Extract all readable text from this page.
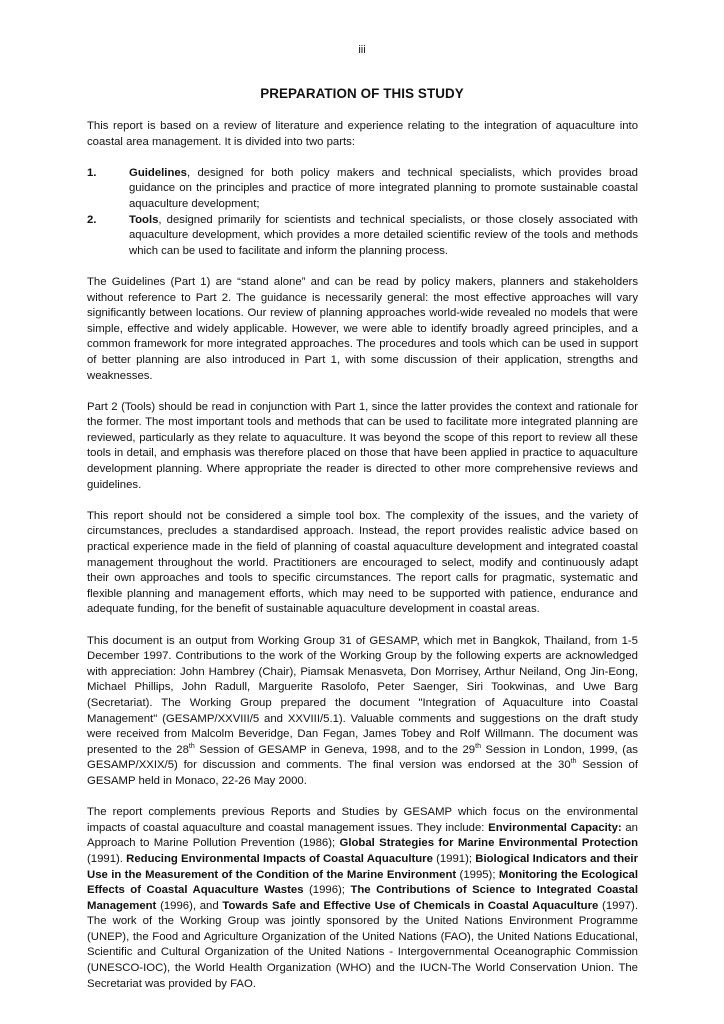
iii
PREPARATION OF THIS STUDY

This report is based on a review of literature and experience relating to the integration of aquaculture into coastal area management. It is divided into two parts:

1.	Guidelines, designed for both policy makers and technical specialists, which provides broad guidance on the principles and practice of more integrated planning to promote sustainable coastal aquaculture development;
2.	Tools, designed primarily for scientists and technical specialists, or those closely associated with aquaculture development, which provides a more detailed scientific review of the tools and methods which can be used to facilitate and inform the planning process.

The Guidelines (Part 1) are “stand alone” and can be read by policy makers, planners and stakeholders without reference to Part 2. The guidance is necessarily general: the most effective approaches will vary significantly between locations. Our review of planning approaches world-wide revealed no models that were simple, effective and widely applicable. However, we were able to identify broadly agreed principles, and a common framework for more integrated approaches. The procedures and tools which can be used in support of better planning are also introduced in Part 1, with some discussion of their application, strengths and weaknesses.

Part 2 (Tools) should be read in conjunction with Part 1, since the latter provides the context and rationale for the former. The most important tools and methods that can be used to facilitate more integrated planning are reviewed, particularly as they relate to aquaculture. It was beyond the scope of this report to review all these tools in detail, and emphasis was therefore placed on those that have been applied in practice to aquaculture development planning. Where appropriate the reader is directed to other more comprehensive reviews and guidelines.

This report should not be considered a simple tool box. The complexity of the issues, and the variety of circumstances, precludes a standardised approach. Instead, the report provides realistic advice based on practical experience made in the field of planning of coastal aquaculture development and integrated coastal management throughout the world. Practitioners are encouraged to select, modify and continuously adapt their own approaches and tools to specific circumstances. The report calls for pragmatic, systematic and flexible planning and management efforts, which may need to be supported with patience, endurance and adequate funding, for the benefit of sustainable aquaculture development in coastal areas.

This document is an output from Working Group 31 of GESAMP, which met in Bangkok, Thailand, from 1-5 December 1997. Contributions to the work of the Working Group by the following experts are acknowledged with appreciation: John Hambrey (Chair), Piamsak Menasveta, Don Morrisey, Arthur Neiland, Ong Jin-Eong, Michael Phillips, John Radull, Marguerite Rasolofo, Peter Saenger, Siri Tookwinas, and Uwe Barg (Secretariat). The Working Group prepared the document "Integration of Aquaculture into Coastal Management" (GESAMP/XXVIII/5 and XXVIII/5.1). Valuable comments and suggestions on the draft study were received from Malcolm Beveridge, Dan Fegan, James Tobey and Rolf Willmann. The document was presented to the 28th Session of GESAMP in Geneva, 1998, and to the 29th Session in London, 1999, (as GESAMP/XXIX/5) for discussion and comments. The final version was endorsed at the 30th Session of GESAMP held in Monaco, 22-26 May 2000.

The report complements previous Reports and Studies by GESAMP which focus on the environmental impacts of coastal aquaculture and coastal management issues. They include: Environmental Capacity: an Approach to Marine Pollution Prevention (1986); Global Strategies for Marine Environmental Protection (1991). Reducing Environmental Impacts of Coastal Aquaculture (1991); Biological Indicators and their Use in the Measurement of the Condition of the Marine Environment (1995); Monitoring the Ecological Effects of Coastal Aquaculture Wastes (1996); The Contributions of Science to Integrated Coastal Management (1996), and Towards Safe and Effective Use of Chemicals in Coastal Aquaculture (1997). The work of the Working Group was jointly sponsored by the United Nations Environment Programme (UNEP), the Food and Agriculture Organization of the United Nations (FAO), the United Nations Educational, Scientific and Cultural Organization of the United Nations - Intergovernmental Oceanographic Commission (UNESCO-IOC), the World Health Organization (WHO) and the IUCN-The World Conservation Union. The Secretariat was provided by FAO.
